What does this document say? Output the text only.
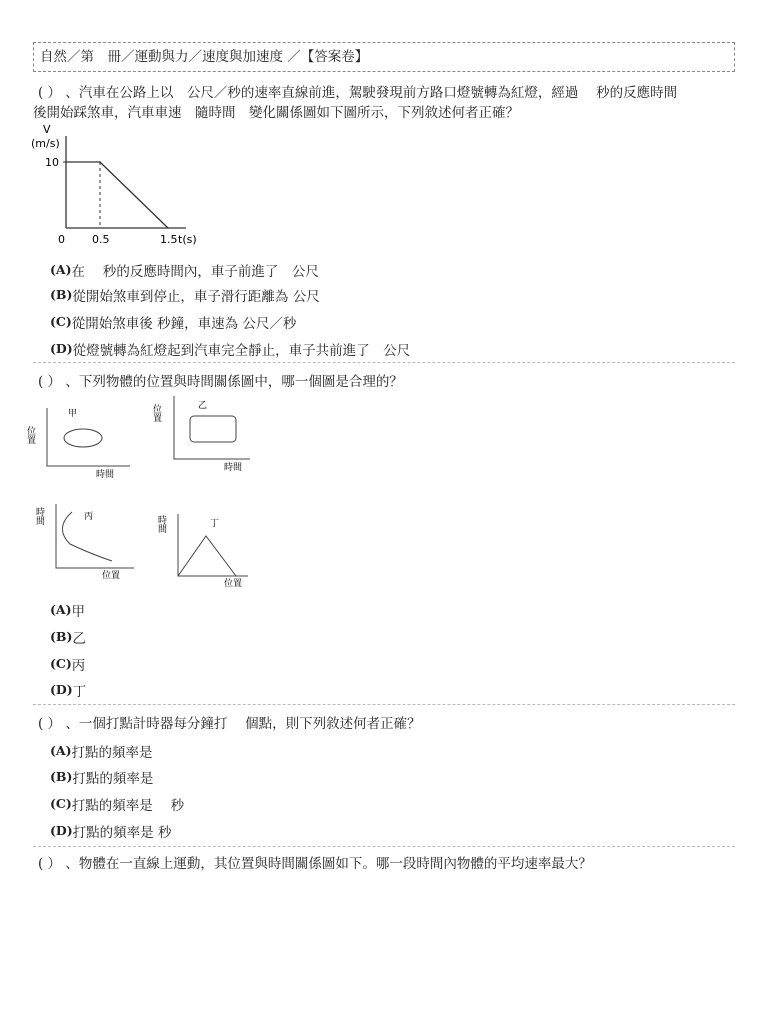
自然／第　冊／運動與力／速度與加速度 ／【答案卷】
( ） 、汽車在公路上以　公尺／秒的速率直線前進，駕駛發現前方路口燈號轉為紅燈，經過　 秒的反應時間
後開始踩煞車，汽車車速　隨時間　變化關係圖如下圖所示，下列敘述何者正確？
V
(m/s)
t(s)
10
0 0.5	1.5
(A)在　 秒的反應時間內，車子前進了　公尺
(B)從開始煞車到停止，車子滑行距離為 公尺
(C)從開始煞車後 秒鐘，車速為 公尺／秒
(D)從燈號轉為紅燈起到汽車完全靜止，車子共前進了　公尺
( ） 、下列物體的位置與時間關係圖中，哪一個圖是合理的？
位置
甲
時間
位置	乙
時間
時間	丙
位置
時間	丁
位置
(A)甲
(B)乙
(C)丙
(D)丁
( ） 、一個打點計時器每分鐘打　 個點，則下列敘述何者正確？
(A)打點的頻率是
(B)打點的頻率是
(C)打點的頻率是　 秒
(D)打點的頻率是 秒
( ） 、物體在一直線上運動，其位置與時間關係圖如下。哪一段時間內物體的平均速率最大？
